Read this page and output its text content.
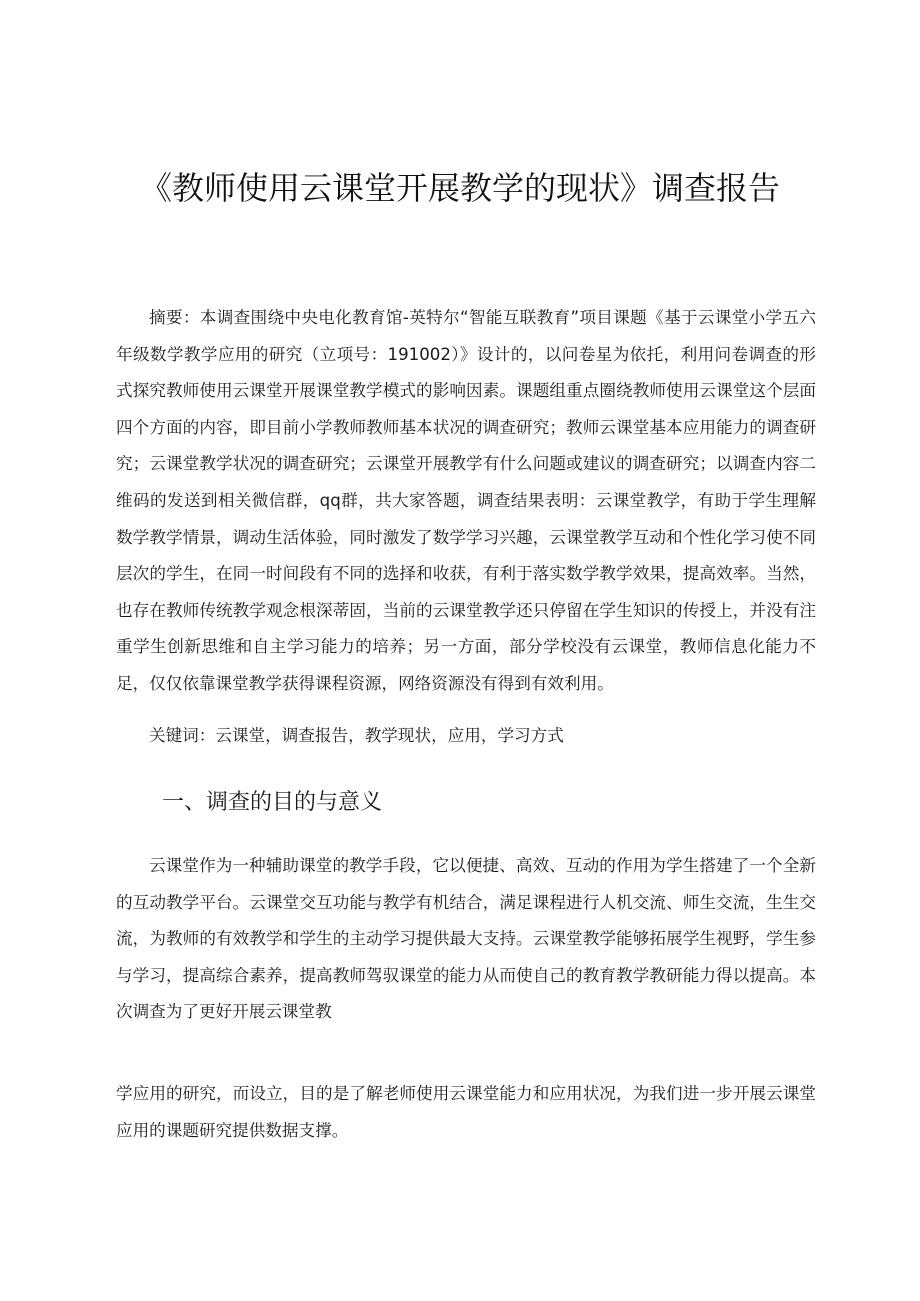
《教师使用云课堂开展教学的现状》调查报告

摘要：本调查围绕中央电化教育馆-英特尔“智能互联教育”项目课题《基于云课堂小学五六年级数学教学应用的研究（立项号：191002）》设计的，以问卷星为依托，利用问卷调查的形式探究教师使用云课堂开展课堂教学模式的影响因素。课题组重点圈绕教师使用云课堂这个层面四个方面的内容，即目前小学教师教师基本状况的调查研究；教师云课堂基本应用能力的调查研究；云课堂教学状况的调查研究；云课堂开展教学有什么问题或建议的调查研究；以调查内容二维码的发送到相关微信群，qq群，共大家答题，调查结果表明：云课堂教学，有助于学生理解数学教学情景，调动生活体验，同时激发了数学学习兴趣，云课堂教学互动和个性化学习使不同层次的学生，在同一时间段有不同的选择和收获，有利于落实数学教学效果，提高效率。当然，也存在教师传统教学观念根深蒂固，当前的云课堂教学还只停留在学生知识的传授上，并没有注重学生创新思维和自主学习能力的培养；另一方面，部分学校没有云课堂，教师信息化能力不足，仅仅依靠课堂教学获得课程资源，网络资源没有得到有效利用。

关键词：云课堂，调查报告，教学现状，应用，学习方式

一、调查的目的与意义

云课堂作为一种辅助课堂的教学手段，它以便捷、高效、互动的作用为学生搭建了一个全新的互动教学平台。云课堂交互功能与教学有机结合，满足课程进行人机交流、师生交流，生生交流，为教师的有效教学和学生的主动学习提供最大支持。云课堂教学能够拓展学生视野，学生参与学习，提高综合素养，提高教师驾驭课堂的能力从而使自己的教育教学教研能力得以提高。本次调查为了更好开展云课堂教

学应用的研究，而设立，目的是了解老师使用云课堂能力和应用状况，为我们进一步开展云课堂应用的课题研究提供数据支撑。
